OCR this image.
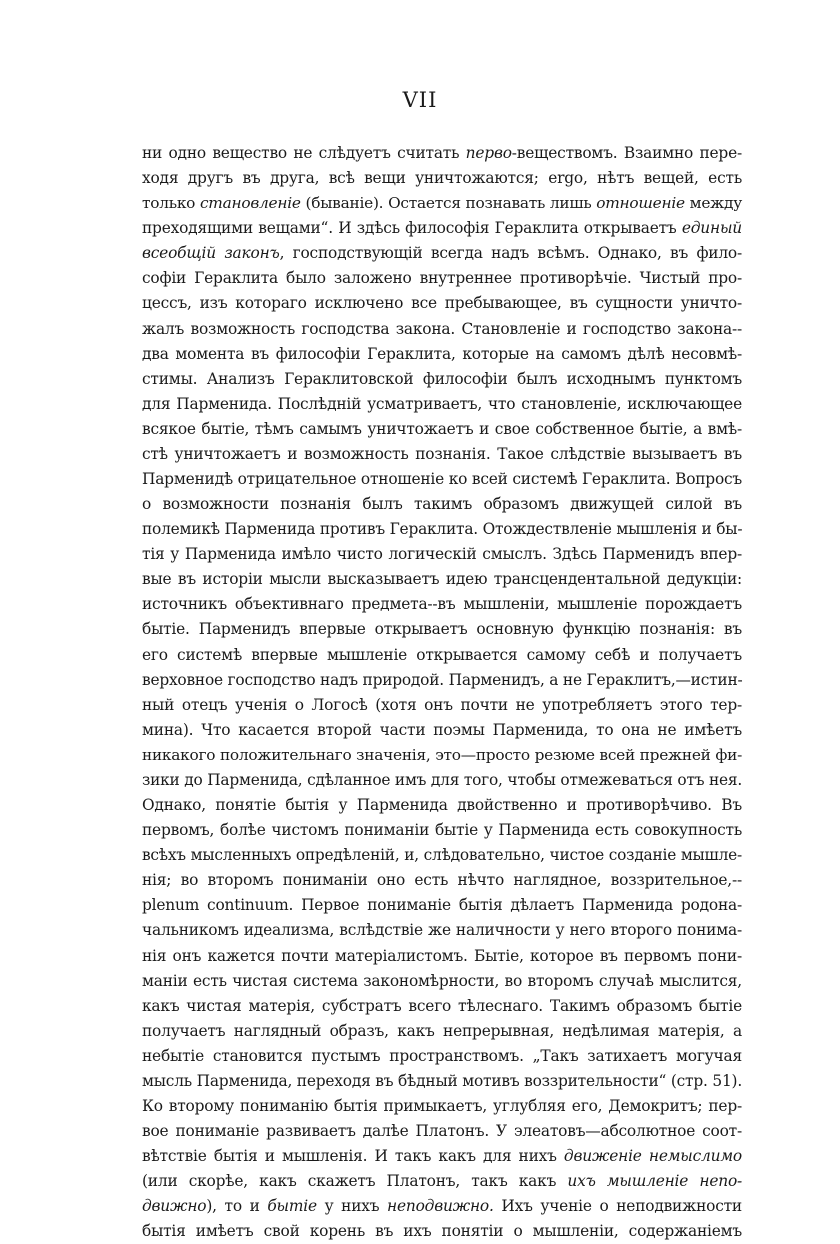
VII
ни одно вещество не слѣдуетъ считать перво-веществомъ. Взаимно пере-
ходя другъ въ друга, всѣ вещи уничтожаются; ergo, нѣтъ вещей, есть
только становленіе (бываніе). Остается познавать лишь отношеніе между
преходящими вещами“. И здѣсь философія Гераклита открываетъ единый
всеобщій законъ, господствующій всегда надъ всѣмъ. Однако, въ фило-
софіи Гераклита было заложено внутреннее противорѣчіе. Чистый про-
цессъ, изъ котораго исключено все пребывающее, въ сущности уничто-
жалъ возможность господства закона. Становленіе и господство закона--
два момента въ философіи Гераклита, которые на самомъ дѣлѣ несовмѣ-
стимы. Анализъ Гераклитовской философіи былъ исходнымъ пунктомъ
для Парменида. Послѣдній усматриваетъ, что становленіе, исключающее
всякое бытіе, тѣмъ самымъ уничтожаетъ и свое собственное бытіе, а вмѣ-
стѣ уничтожаетъ и возможность познанія. Такое слѣдствіе вызываетъ въ
Парменидѣ отрицательное отношеніе ко всей системѣ Гераклита. Вопросъ
о возможности познанія былъ такимъ образомъ движущей силой въ
полемикѣ Парменида противъ Гераклита. Отождествленіе мышленія и бы-
тія у Парменида имѣло чисто логическій смыслъ. Здѣсь Парменидъ впер-
вые въ исторіи мысли высказываетъ идею трансцендентальной дедукціи:
источникъ объективнаго предмета--въ мышленіи, мышленіе порождаетъ
бытіе. Парменидъ впервые открываетъ основную функцію познанія: въ
его системѣ впервые мышленіе открывается самому себѣ и получаетъ
верховное господство надъ природой. Парменидъ, а не Гераклитъ,—истин-
ный отецъ ученія о Логосѣ (хотя онъ почти не употребляетъ этого тер-
мина). Что касается второй части поэмы Парменида, то она не имѣетъ
никакого положительнаго значенія, это—просто резюме всей прежней фи-
зики до Парменида, сдѣланное имъ для того, чтобы отмежеваться отъ нея.
Однако, понятіе бытія у Парменида двойственно и противорѣчиво. Въ
первомъ, болѣе чистомъ пониманіи бытіе у Парменида есть совокупность
всѣхъ мысленныхъ опредѣленій, и, слѣдовательно, чистое созданіе мышле-
нія; во второмъ пониманіи оно есть нѣчто наглядное, воззрительное,--
plenum continuum. Первое пониманіе бытія дѣлаетъ Парменида родона-
чальникомъ идеализма, вслѣдствіе же наличности у него второго понима-
нія онъ кажется почти матеріалистомъ. Бытіе, которое въ первомъ пони-
маніи есть чистая система закономѣрности, во второмъ случаѣ мыслится,
какъ чистая матерія, субстратъ всего тѣлеснаго. Такимъ образомъ бытіе
получаетъ наглядный образъ, какъ непрерывная, недѣлимая матерія, а
небытіе становится пустымъ пространствомъ. „Такъ затихаетъ могучая
мысль Парменида, переходя въ бѣдный мотивъ воззрительности“ (стр. 51).
Ко второму пониманію бытія примыкаетъ, углубляя его, Демокритъ; пер-
вое пониманіе развиваетъ далѣе Платонъ. У элеатовъ—абсолютное соот-
вѣтствіе бытія и мышленія. И такъ какъ для нихъ движеніе немыслимо
(или скорѣе, какъ скажетъ Платонъ, такъ какъ ихъ мышленіе непо-
движно), то и бытіе у нихъ неподвижно. Ихъ ученіе о неподвижности
бытія имѣетъ свой корень въ ихъ понятіи о мышленіи, содержаніемъ
